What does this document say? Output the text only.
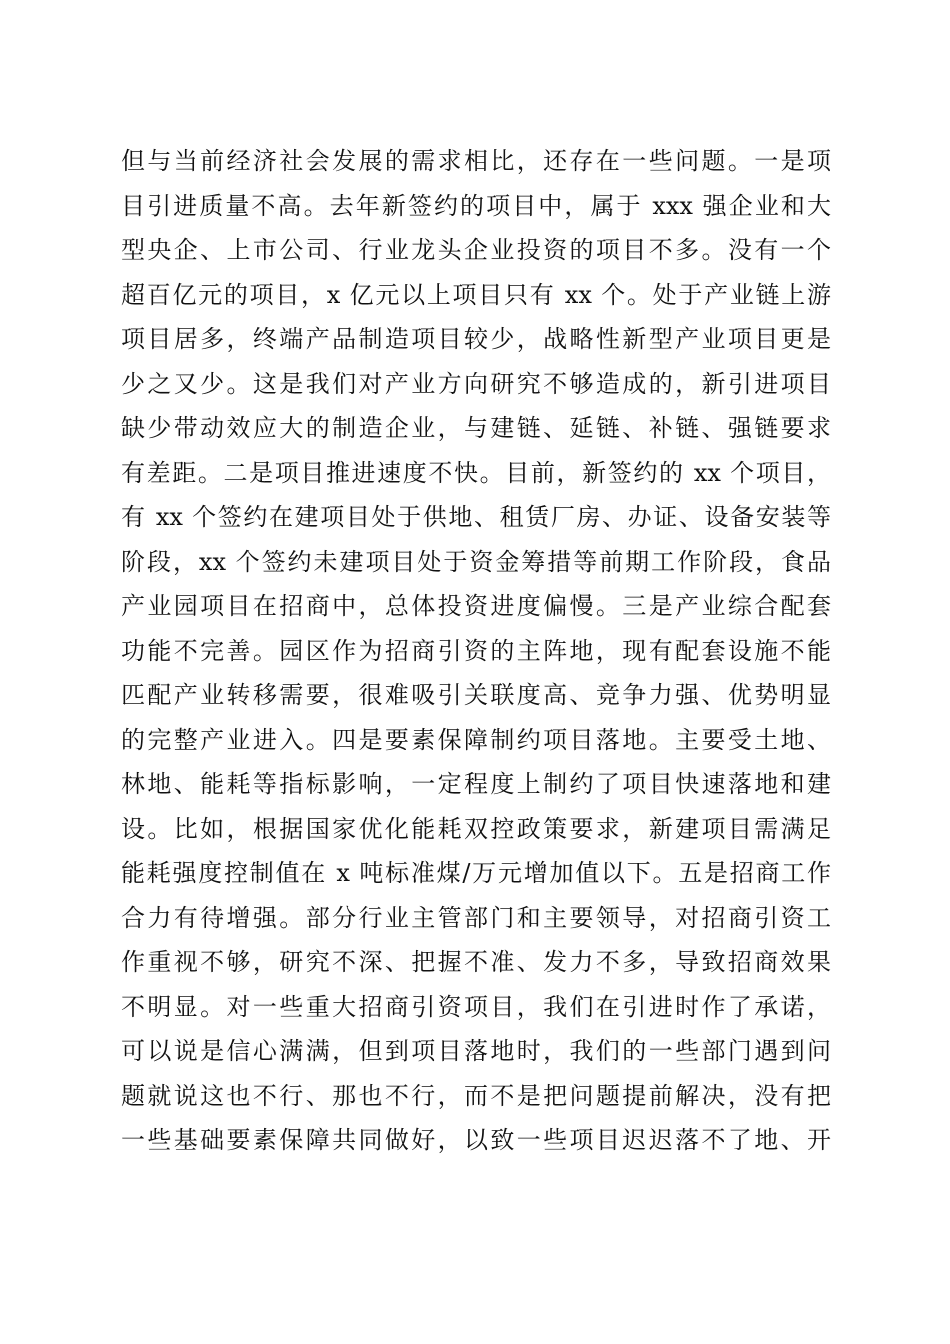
但与当前经济社会发展的需求相比，还存在一些问题。一是项
目引进质量不高。去年新签约的项目中，属于 xxx 强企业和大
型央企、上市公司、行业龙头企业投资的项目不多。没有一个
超百亿元的项目，x 亿元以上项目只有 xx 个。处于产业链上游
项目居多，终端产品制造项目较少，战略性新型产业项目更是
少之又少。这是我们对产业方向研究不够造成的，新引进项目
缺少带动效应大的制造企业，与建链、延链、补链、强链要求
有差距。二是项目推进速度不快。目前，新签约的 xx 个项目，
有 xx 个签约在建项目处于供地、租赁厂房、办证、设备安装等
阶段，xx 个签约未建项目处于资金筹措等前期工作阶段，食品
产业园项目在招商中，总体投资进度偏慢。三是产业综合配套
功能不完善。园区作为招商引资的主阵地，现有配套设施不能
匹配产业转移需要，很难吸引关联度高、竞争力强、优势明显
的完整产业进入。四是要素保障制约项目落地。主要受土地、
林地、能耗等指标影响，一定程度上制约了项目快速落地和建
设。比如，根据国家优化能耗双控政策要求，新建项目需满足
能耗强度控制值在 x 吨标准煤/万元增加值以下。五是招商工作
合力有待增强。部分行业主管部门和主要领导，对招商引资工
作重视不够，研究不深、把握不准、发力不多，导致招商效果
不明显。对一些重大招商引资项目，我们在引进时作了承诺，
可以说是信心满满，但到项目落地时，我们的一些部门遇到问
题就说这也不行、那也不行，而不是把问题提前解决，没有把
一些基础要素保障共同做好，以致一些项目迟迟落不了地、开
